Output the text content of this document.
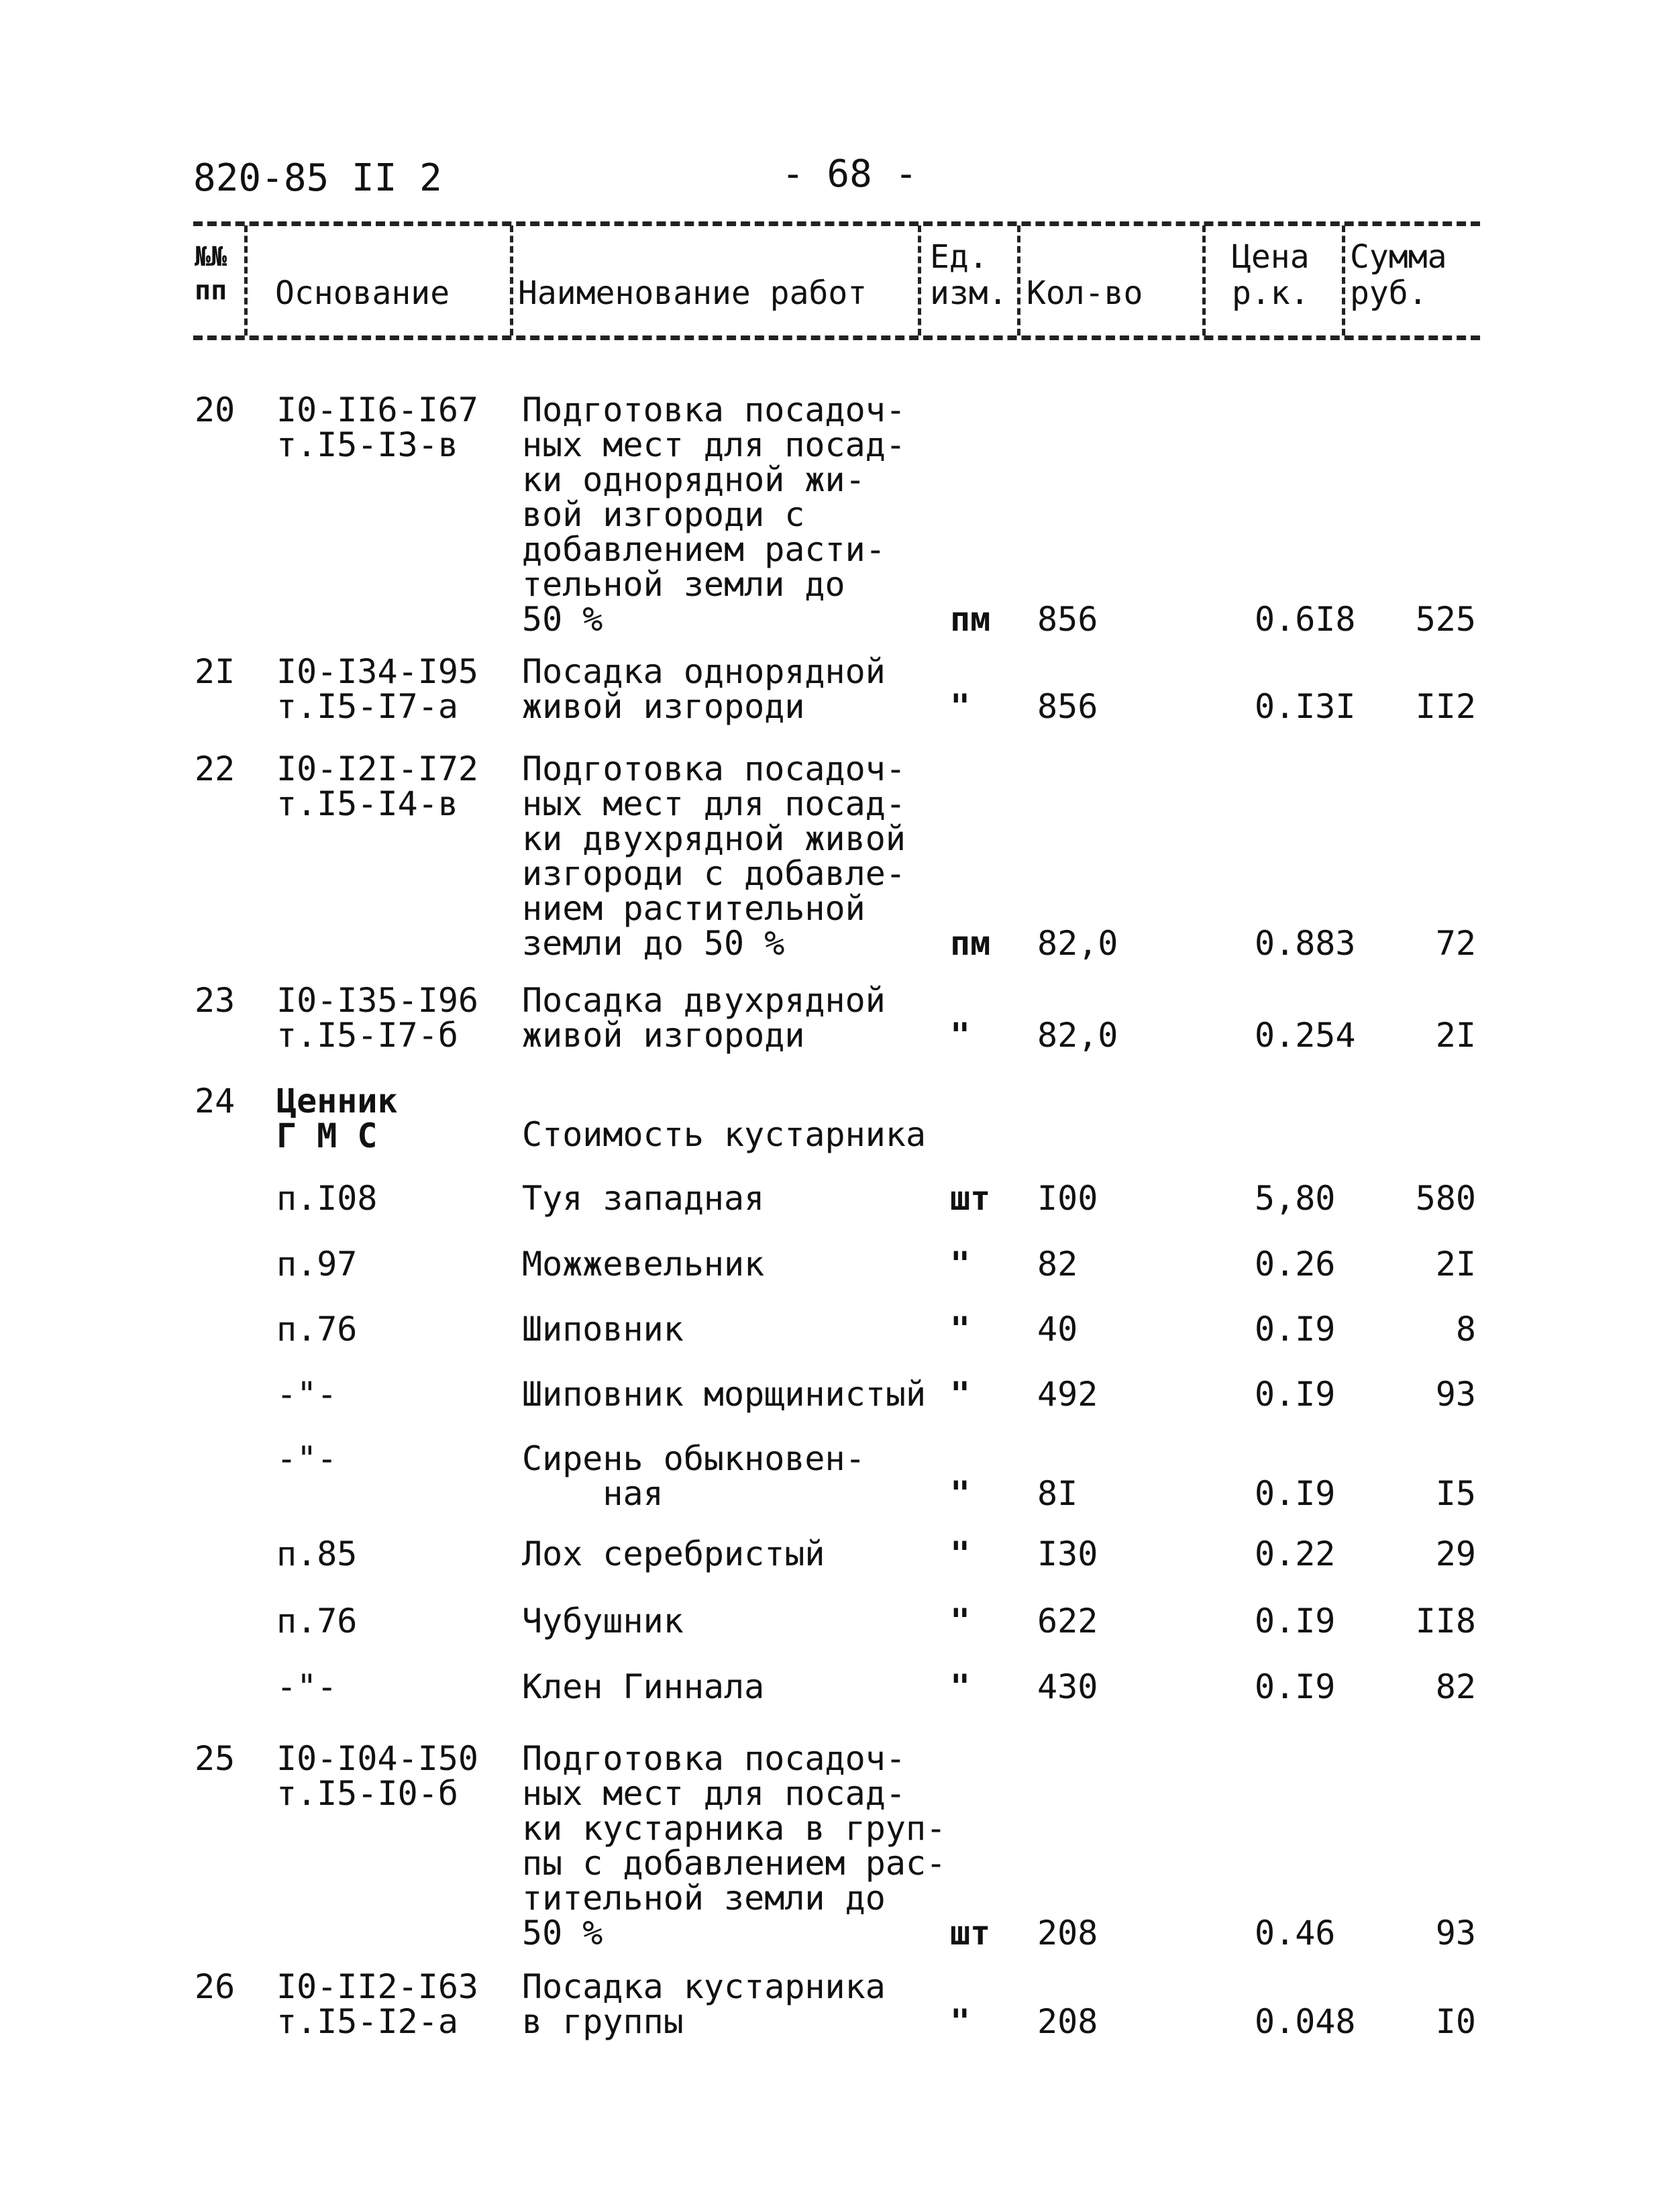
820-85 II 2	- 68 -
№№
пп Основание Наименование работ
Ед.
изм. Кол-во
Цена
р.к.
Сумма
руб.
20 I0-II6-I67
т.I5-I3-в
Подготовка посадоч-
ных мест для посад-
ки однорядной жи-
вой изгороди с
добавлением расти-
тельной земли до
50 %	пм 856	0.6I8	525
2I I0-I34-I95
т.I5-I7-а
Посадка однорядной
живой изгороди	" 856	0.I3I	II2
22 I0-I2I-I72
т.I5-I4-в
Подготовка посадоч-
ных мест для посад-
ки двухрядной живой
изгороди с добавле-
нием растительной
земли до 50 %	пм 82,0	0.883	72
23 I0-I35-I96
т.I5-I7-б
Посадка двухрядной
живой изгороди	" 82,0	0.254	2I
24 Ценник
Г М С	Стоимость кустарника
п.I08	Туя западная	шт I00	5,80	580
п.97	Можжевельник	" 82	0.26	2I
п.76	Шиповник	" 40	0.I9	8
-"-	Шиповник морщинистый " 492	0.I9	93
-"-	Сирень обыкновен-
ная	" 8I	0.I9	I5
п.85	Лох серебристый	" I30	0.22	29
п.76	Чубушник	" 622	0.I9	II8
-"-	Клен Гиннала	" 430	0.I9	82
25 I0-I04-I50
т.I5-I0-б
Подготовка посадоч-
ных мест для посад-
ки кустарника в груп-
пы с добавлением рас-
тительной земли до
50 %	шт 208	0.46	93
26 I0-II2-I63
т.I5-I2-а
Посадка кустарника
в группы	" 208	0.048	I0
